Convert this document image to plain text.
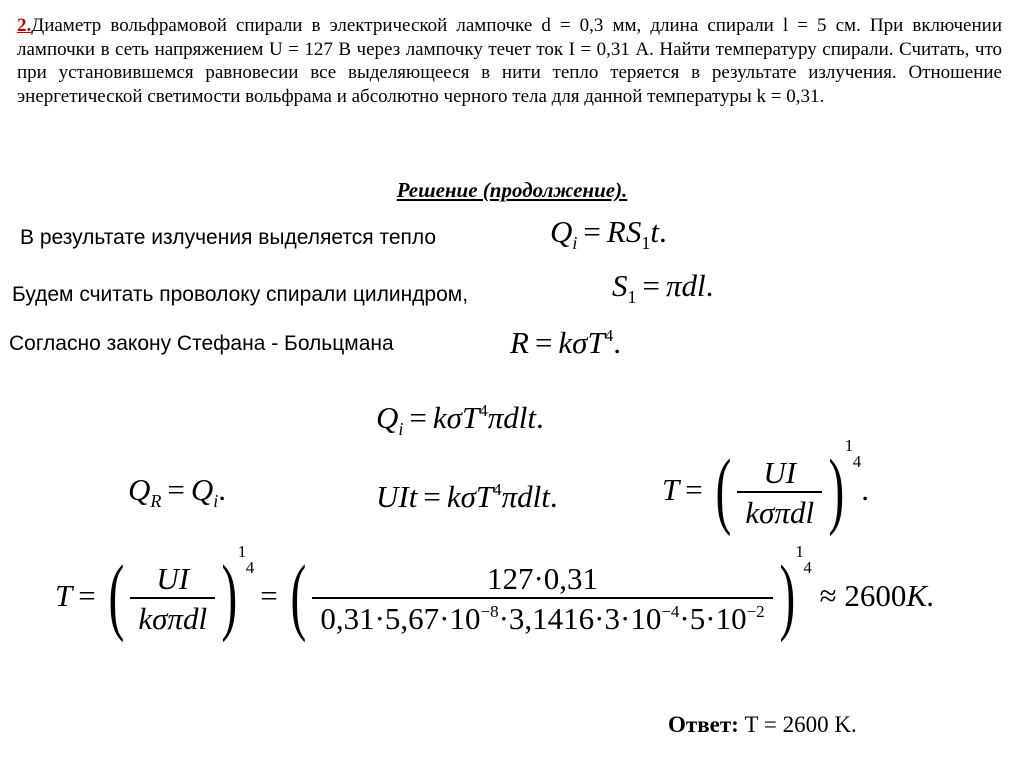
2.Диаметр вольфрамовой спирали в электрической лампочке d = 0,3 мм, длина спирали l = 5 см. При включении лампочки в сеть напряжением U = 127 В через лампочку течет ток I = 0,31 А. Найти температуру спирали. Считать, что при установившемся равновесии все выделяющееся в нити тепло теряется в результате излучения. Отношение энергетической светимости вольфрама и абсолютно черного тела для данной температуры k = 0,31.
Решение (продолжение).
В результате излучения выделяется тепло	$Q_i = RS_1t$.
Будем считать проволоку спирали цилиндром,	$S_1 = \pi dl$.
Согласно закону Стефана - Больцмана	R = kσT$^4$.
$Q_i = k\sigma T^4\pi dlt$.
$Q_R = Q_i$.	UIt = kσT$^4$πdlt.	T = ( $\frac{UI}{\text{kσπdl}}$ ) 1
4
.
T = ( $\frac{UI}{\text{kσπdl}}$ ) 1
4
= ( $\frac{127\cdot 0,31}{0,31\cdot 5,67\cdot 10^{-8}\cdot 3,1416\cdot 3\cdot 10^{-4}\cdot 5\cdot 10^{-2}}$ ) 1
4
≈ 2600K.
Ответ: T = 2600 K.
